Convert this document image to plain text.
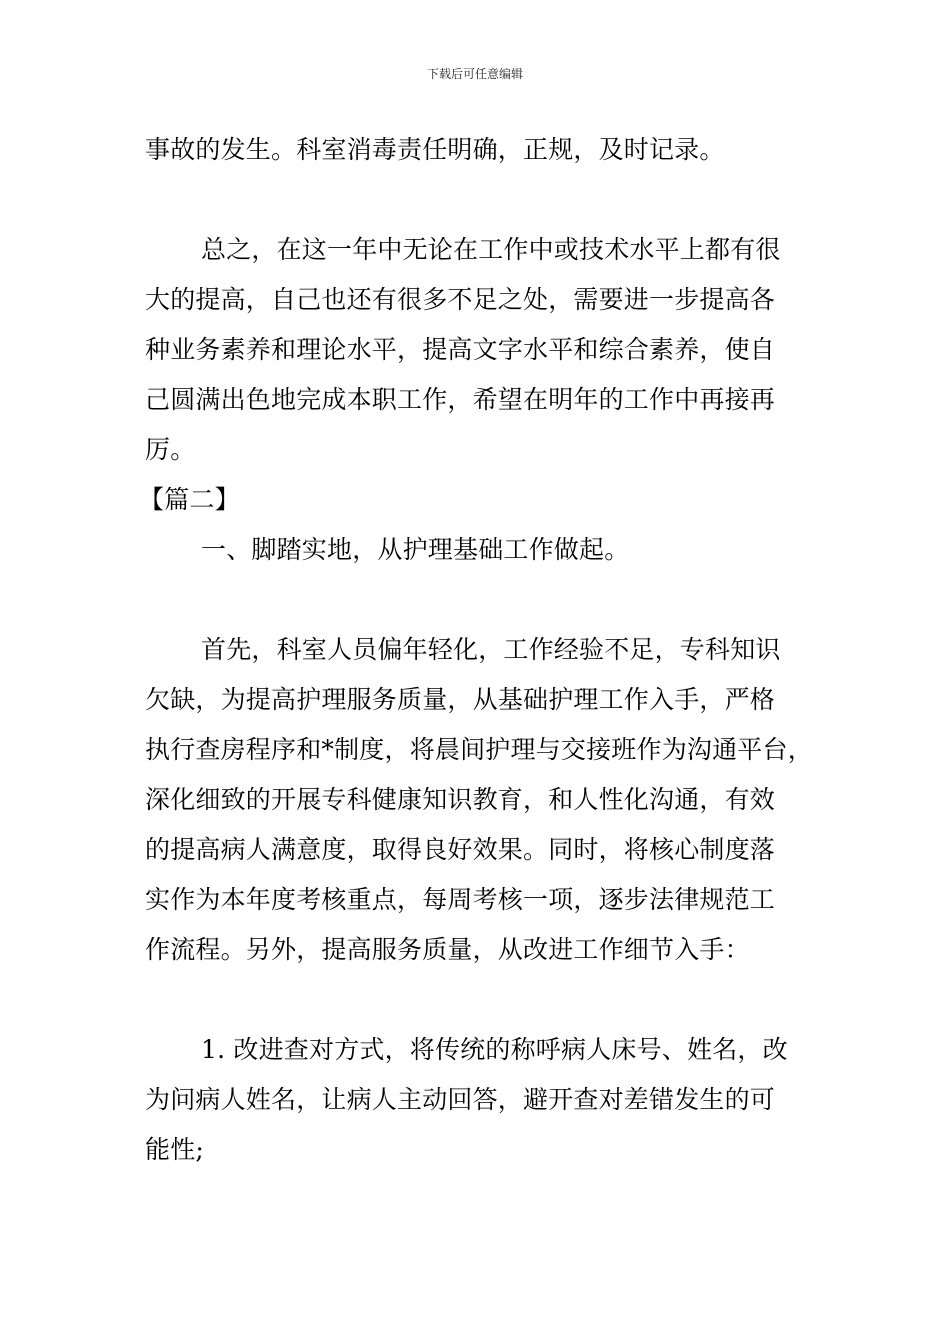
下载后可任意编辑
事故的发生。科室消毒责任明确，正规，及时记录。
总之，在这一年中无论在工作中或技术水平上都有很
大的提高，自己也还有很多不足之处，需要进一步提高各
种业务素养和理论水平，提高文字水平和综合素养，使自
己圆满出色地完成本职工作，希望在明年的工作中再接再
厉。
【篇二】
一、脚踏实地，从护理基础工作做起。
首先，科室人员偏年轻化，工作经验不足，专科知识
欠缺，为提高护理服务质量，从基础护理工作入手，严格
执行查房程序和*制度，将晨间护理与交接班作为沟通平台，
深化细致的开展专科健康知识教育，和人性化沟通，有效
的提高病人满意度，取得良好效果。同时，将核心制度落
实作为本年度考核重点，每周考核一项，逐步法律规范工
作流程。另外，提高服务质量，从改进工作细节入手：
1. 改进查对方式，将传统的称呼病人床号、姓名，改
为问病人姓名，让病人主动回答，避开查对差错发生的可
能性;
